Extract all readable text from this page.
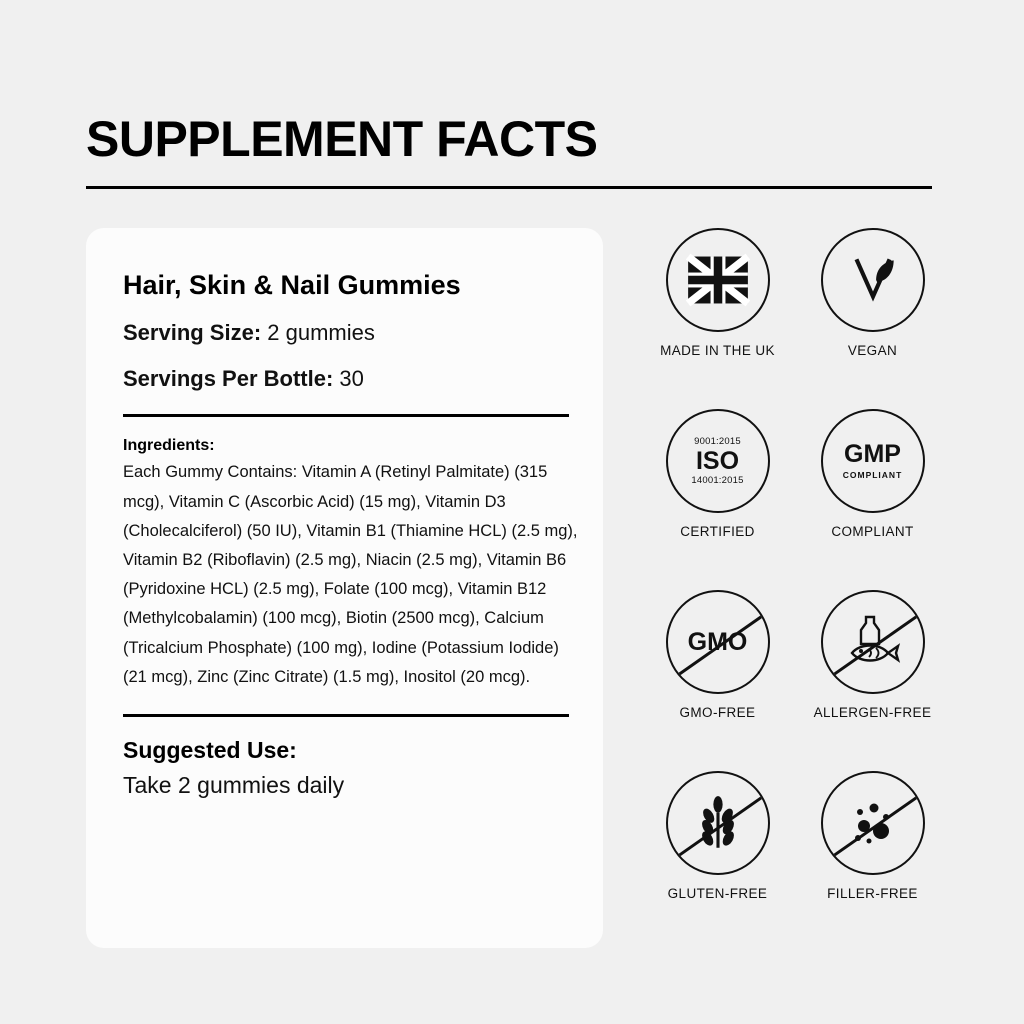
SUPPLEMENT FACTS
Hair, Skin & Nail Gummies
Serving Size: 2 gummies
Servings Per Bottle: 30
Ingredients:
Each Gummy Contains: Vitamin A (Retinyl Palmitate) (315 mcg), Vitamin C (Ascorbic Acid) (15 mg), Vitamin D3 (Cholecalciferol) (50 IU), Vitamin B1 (Thiamine HCL) (2.5 mg), Vitamin B2 (Riboflavin) (2.5 mg), Niacin (2.5 mg), Vitamin B6 (Pyridoxine HCL) (2.5 mg), Folate (100 mcg), Vitamin B12 (Methylcobalamin) (100 mcg), Biotin (2500 mcg), Calcium (Tricalcium Phosphate) (100 mg), Iodine (Potassium Iodide) (21 mcg), Zinc (Zinc Citrate) (1.5 mg), Inositol (20 mcg).
Suggested Use:
Take 2 gummies daily
MADE IN THE UK	VEGAN
9001:2015
ISO
14001:2015
CERTIFIED
GMP
COMPLIANT
COMPLIANT
GMO
GMO-FREE	ALLERGEN-FREE
GLUTEN-FREE	FILLER-FREE
